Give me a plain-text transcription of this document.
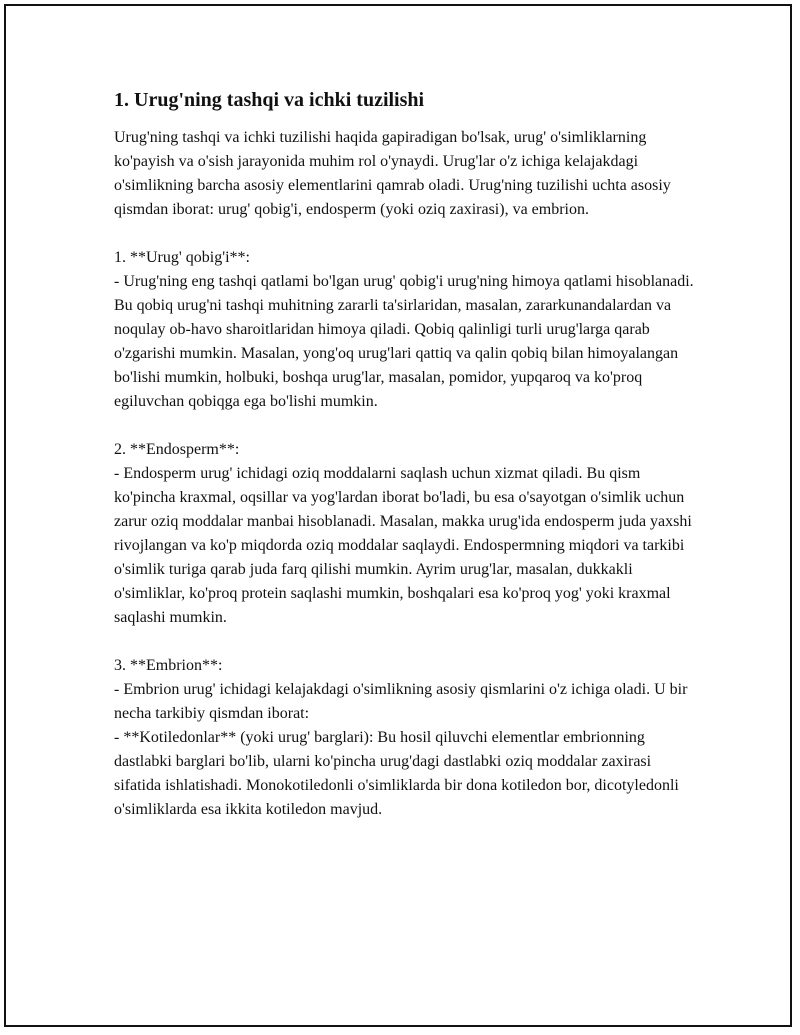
1. Urug'ning tashqi va ichki tuzilishi

Urug'ning tashqi va ichki tuzilishi haqida gapiradigan bo'lsak, urug' o'simliklarning ko'payish va o'sish jarayonida muhim rol o'ynaydi. Urug'lar o'z ichiga kelajakdagi o'simlikning barcha asosiy elementlarini qamrab oladi. Urug'ning tuzilishi uchta asosiy qismdan iborat: urug' qobig'i, endosperm (yoki oziq zaxirasi), va embrion.

1. **Urug' qobig'i**:

- Urug'ning eng tashqi qatlami bo'lgan urug' qobig'i urug'ning himoya qatlami hisoblanadi. Bu qobiq urug'ni tashqi muhitning zararli ta'sirlaridan, masalan, zararkunandalardan va noqulay ob-havo sharoitlaridan himoya qiladi. Qobiq qalinligi turli urug'larga qarab o'zgarishi mumkin. Masalan, yong'oq urug'lari qattiq va qalin qobiq bilan himoyalangan bo'lishi mumkin, holbuki, boshqa urug'lar, masalan, pomidor, yupqaroq va ko'proq egiluvchan qobiqga ega bo'lishi mumkin.

2. **Endosperm**:

- Endosperm urug' ichidagi oziq moddalarni saqlash uchun xizmat qiladi. Bu qism ko'pincha kraxmal, oqsillar va yog'lardan iborat bo'ladi, bu esa o'sayotgan o'simlik uchun zarur oziq moddalar manbai hisoblanadi. Masalan, makka urug'ida endosperm juda yaxshi rivojlangan va ko'p miqdorda oziq moddalar saqlaydi. Endospermning miqdori va tarkibi o'simlik turiga qarab juda farq qilishi mumkin. Ayrim urug'lar, masalan, dukkakli o'simliklar, ko'proq protein saqlashi mumkin, boshqalari esa ko'proq yog' yoki kraxmal saqlashi mumkin.

3. **Embrion**:

- Embrion urug' ichidagi kelajakdagi o'simlikning asosiy qismlarini o'z ichiga oladi. U bir necha tarkibiy qismdan iborat:

- **Kotiledonlar** (yoki urug' barglari): Bu hosil qiluvchi elementlar embrionning dastlabki barglari bo'lib, ularni ko'pincha urug'dagi dastlabki oziq moddalar zaxirasi sifatida ishlatishadi. Monokotiledonli o'simliklarda bir dona kotiledon bor, dicotyledonli o'simliklarda esa ikkita kotiledon mavjud.
